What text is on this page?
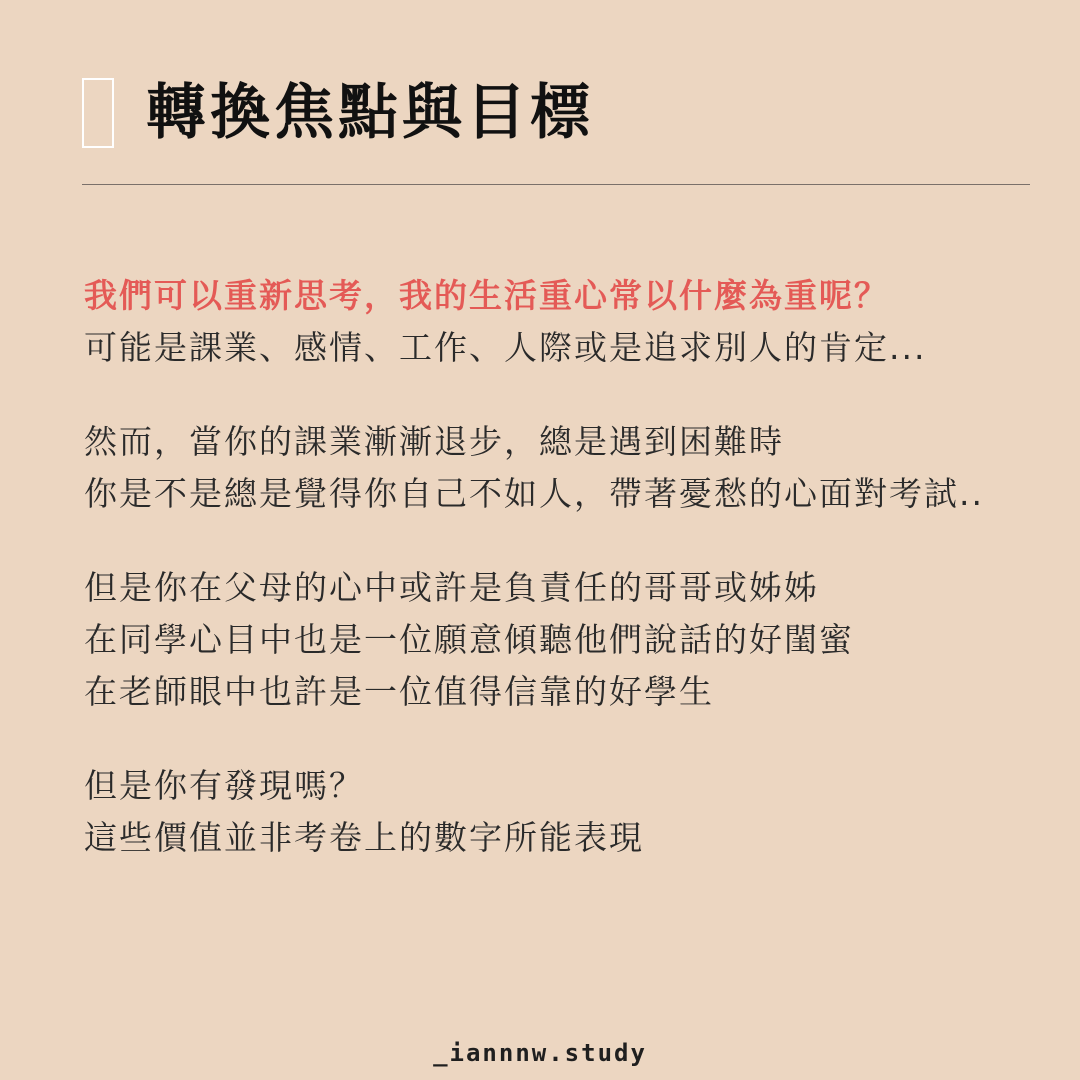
轉換焦點與目標
我們可以重新思考，我的生活重心常以什麼為重呢？
可能是課業、感情、工作、人際或是追求別人的肯定...
然而，當你的課業漸漸退步，總是遇到困難時
你是不是總是覺得你自己不如人，帶著憂愁的心面對考試..
但是你在父母的心中或許是負責任的哥哥或姊姊
在同學心目中也是一位願意傾聽他們說話的好閨蜜
在老師眼中也許是一位值得信靠的好學生
但是你有發現嗎？
這些價值並非考卷上的數字所能表現
_iannnw.study
